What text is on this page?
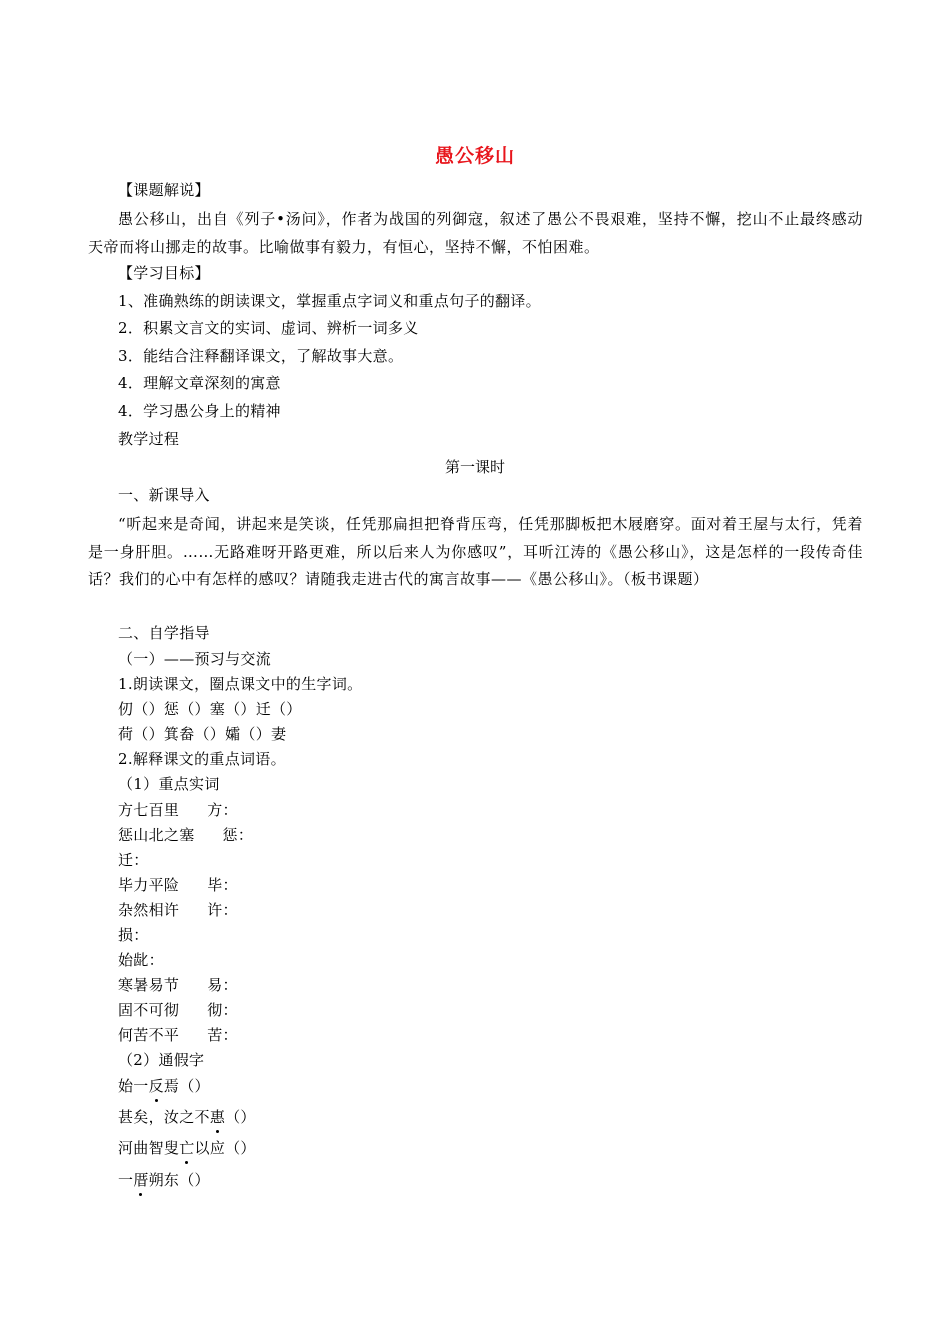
愚公移山
【课题解说】
愚公移山，出自《列子•汤问》，作者为战国的列御寇，叙述了愚公不畏艰难，坚持不懈，挖山不止最终感动天帝而将山挪走的故事。比喻做事有毅力，有恒心，坚持不懈，不怕困难。
【学习目标】
1、准确熟练的朗读课文，掌握重点字词义和重点句子的翻译。
2．积累文言文的实词、虚词、辨析一词多义
3．能结合注释翻译课文，了解故事大意。
4．理解文章深刻的寓意
4．学习愚公身上的精神
教学过程
第一课时
一、新课导入
“听起来是奇闻，讲起来是笑谈，任凭那扁担把脊背压弯，任凭那脚板把木屐磨穿。面对着王屋与太行，凭着是一身肝胆。……无路难呀开路更难，所以后来人为你感叹”，耳听江涛的《愚公移山》，这是怎样的一段传奇佳话？我们的心中有怎样的感叹？请随我走进古代的寓言故事——《愚公移山》。（板书课题）
二、自学指导
（一）——预习与交流
1.朗读课文，圈点课文中的生字词。
仞（）惩（）塞（）迁（）
荷（）箕畚（）孀（）妻
2.解释课文的重点词语。
（1）重点实词
方七百里 方：
惩山北之塞 惩：
迁：
毕力平险 毕：
杂然相许 许：
损：
始龀：
寒暑易节 易：
固不可彻 彻：
何苦不平 苦：
（2）通假字
始一反焉（）
甚矣，汝之不惠（）
河曲智叟亡以应（）
一厝朔东（）
